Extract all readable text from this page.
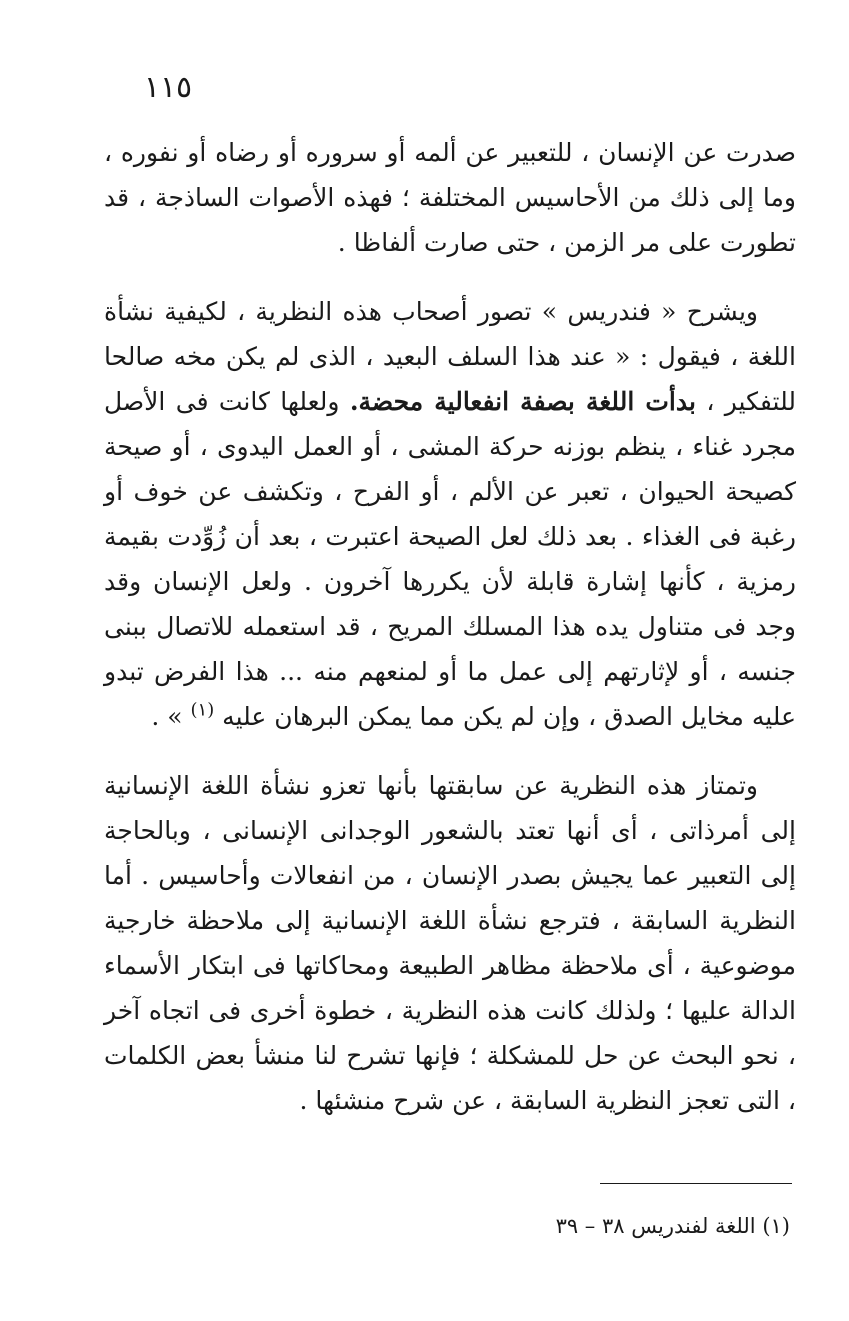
١١٥

صدرت عن الإنسان ، للتعبير عن ألمه أو سروره أو رضاه أو نفوره ، وما إلى ذلك من الأحاسيس المختلفة ؛ فهذه الأصوات الساذجة ، قد تطورت على مر الزمن ، حتى صارت ألفاظا .

ويشرح « فندريس » تصور أصحاب هذه النظرية ، لكيفية نشأة اللغة ، فيقول : « عند هذا السلف البعيد ، الذى لم يكن مخه صالحا للتفكير ، بدأت اللغة بصفة انفعالية محضة. ولعلها كانت فى الأصل مجرد غناء ، ينظم بوزنه حركة المشى ، أو العمل اليدوى ، أو صيحة كصيحة الحيوان ، تعبر عن الألم ، أو الفرح ، وتكشف عن خوف أو رغبة فى الغذاء . بعد ذلك لعل الصيحة اعتبرت ، بعد أن زُوِّدت بقيمة رمزية ، كأنها إشارة قابلة لأن يكررها آخرون . ولعل الإنسان وقد وجد فى متناول يده هذا المسلك المريح ، قد استعمله للاتصال ببنى جنسه ، أو لإثارتهم إلى عمل ما أو لمنعهم منه ... هذا الفرض تبدو عليه مخايل الصدق ، وإن لم يكن مما يمكن البرهان عليه $^{(١)}$ » .

وتمتاز هذه النظرية عن سابقتها بأنها تعزو نشأة اللغة الإنسانية إلى أمرذاتى ، أى أنها تعتد بالشعور الوجدانى الإنسانى ، وبالحاجة إلى التعبير عما يجيش بصدر الإنسان ، من انفعالات وأحاسيس . أما النظرية السابقة ، فترجع نشأة اللغة الإنسانية إلى ملاحظة خارجية موضوعية ، أى ملاحظة مظاهر الطبيعة ومحاكاتها فى ابتكار الأسماء الدالة عليها ؛ ولذلك كانت هذه النظرية ، خطوة أخرى فى اتجاه آخر ، نحو البحث عن حل للمشكلة ؛ فإنها تشرح لنا منشأ بعض الكلمات ، التى تعجز النظرية السابقة ، عن شرح منشئها .

(١) اللغة لفندريس ٣٨ – ٣٩
